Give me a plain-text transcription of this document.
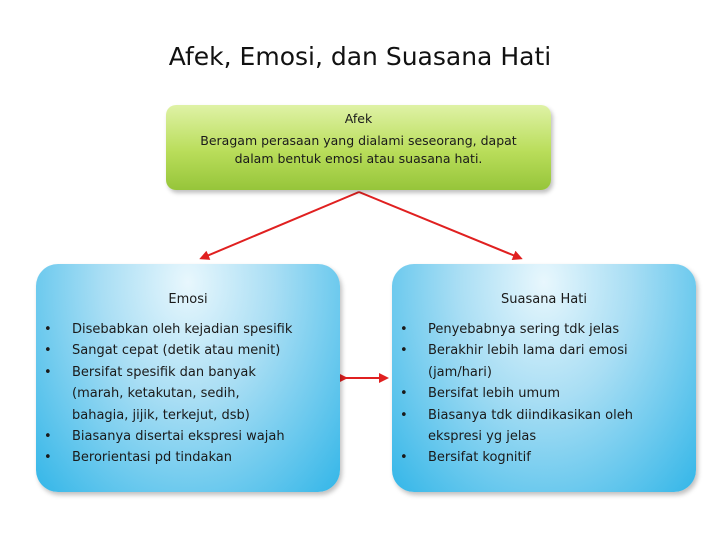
Afek, Emosi, dan Suasana Hati
Afek
Beragam perasaan yang dialami seseorang, dapat dalam bentuk emosi atau suasana hati.
Emosi
• Disebabkan oleh kejadian spesifik
• Sangat cepat (detik atau menit)
• Bersifat spesifik dan banyak (marah, ketakutan, sedih, bahagia, jijik, terkejut, dsb)
• Biasanya disertai ekspresi wajah
• Berorientasi pd tindakan
Suasana Hati
• Penyebabnya sering tdk jelas
• Berakhir lebih lama dari emosi (jam/hari)
• Bersifat lebih umum
• Biasanya tdk diindikasikan oleh ekspresi yg jelas
• Bersifat kognitif
